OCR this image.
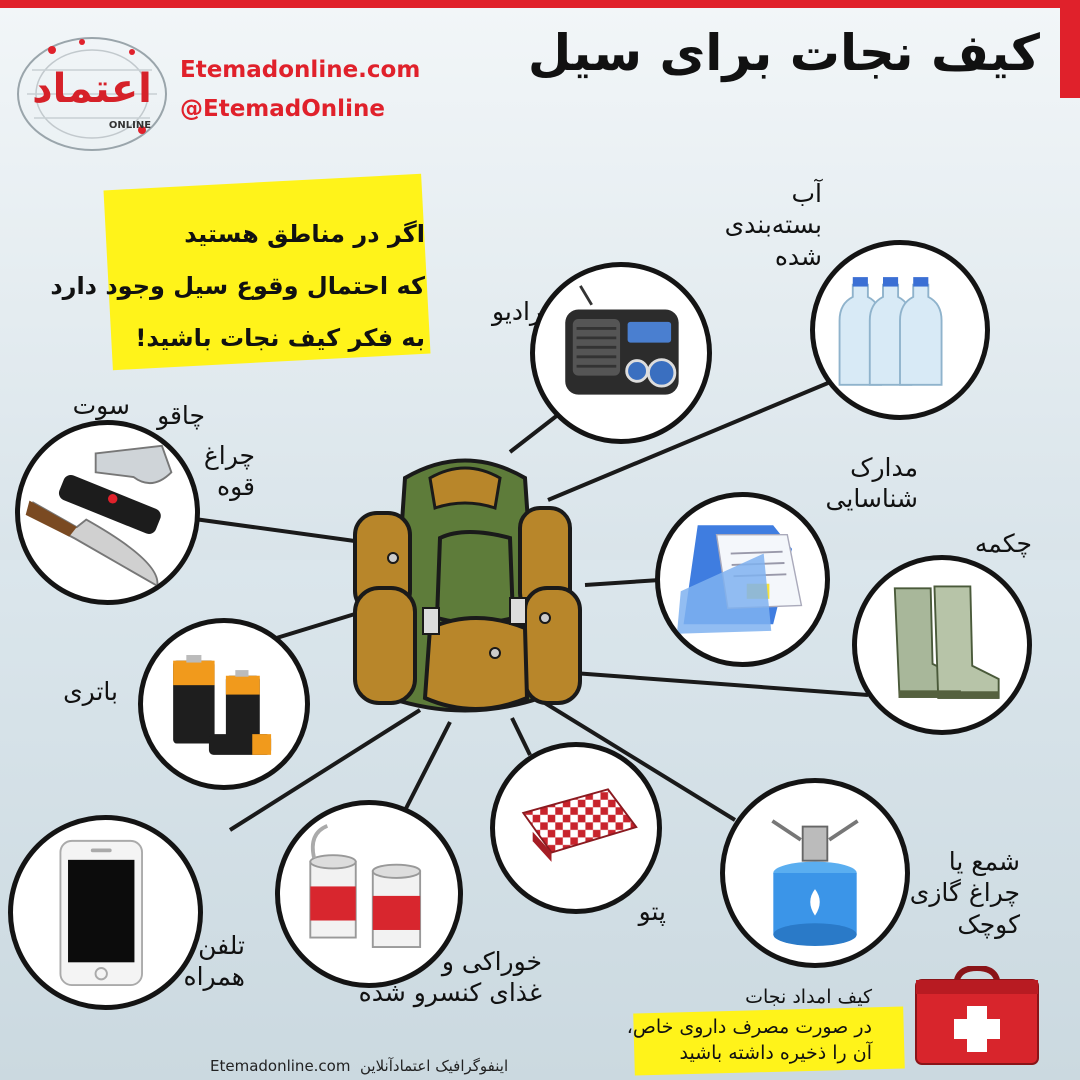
کیف نجات برای سیل
اعتماد
ONLINE
Etemadonline.com
@EtemadOnline
اگر در مناطق هستید
که احتمال وقوع سیل وجود دارد
به فکر کیف نجات باشید!
رادیو
آب
بسته‌بندی
شده
سوت چاقو
چراغ
قوه
مدارک
شناسایی
چکمه
باتری
پتو
شمع یا
چراغ گازی
کوچک
تلفن
همراه
خوراکی و
غذای کنسرو شده	کیف امداد نجات
در صورت مصرف داروی خاص،
آن را ذخیره داشته باشید
اینفوگرافیک اعتمادآنلاین
Etemadonline.com
